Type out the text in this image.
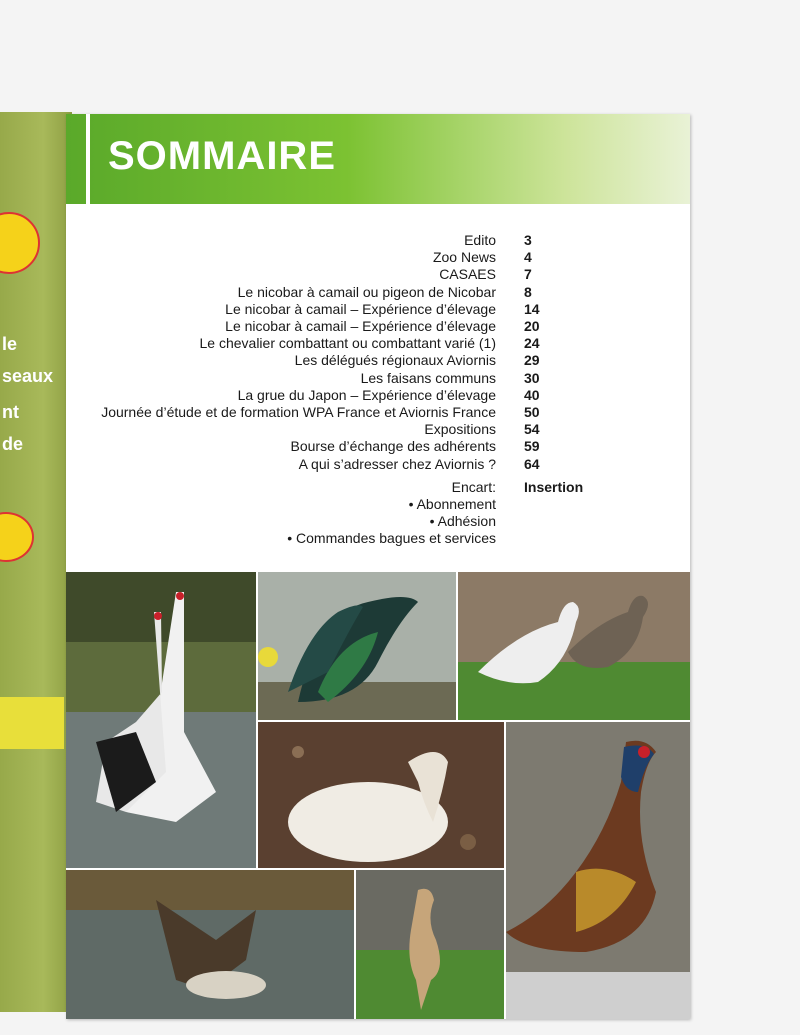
le
seaux
nt
de
SOMMAIRE
Edito 3
Zoo News 4
CASAES 7
Le nicobar à camail ou pigeon de Nicobar 8
Le nicobar à camail – Expérience d’élevage 14
Le nicobar à camail – Expérience d’élevage 20
Le chevalier combattant ou combattant varié (1) 24
Les délégués régionaux Aviornis 29
Les faisans communs 30
La grue du Japon – Expérience d’élevage 40
Journée d’étude et de formation WPA France et Aviornis France 50
Expositions 54
Bourse d’échange des adhérents 59
A qui s’adresser chez Aviornis ? 64
Encart: Insertion
• Abonnement
• Adhésion
• Commandes bagues et services
